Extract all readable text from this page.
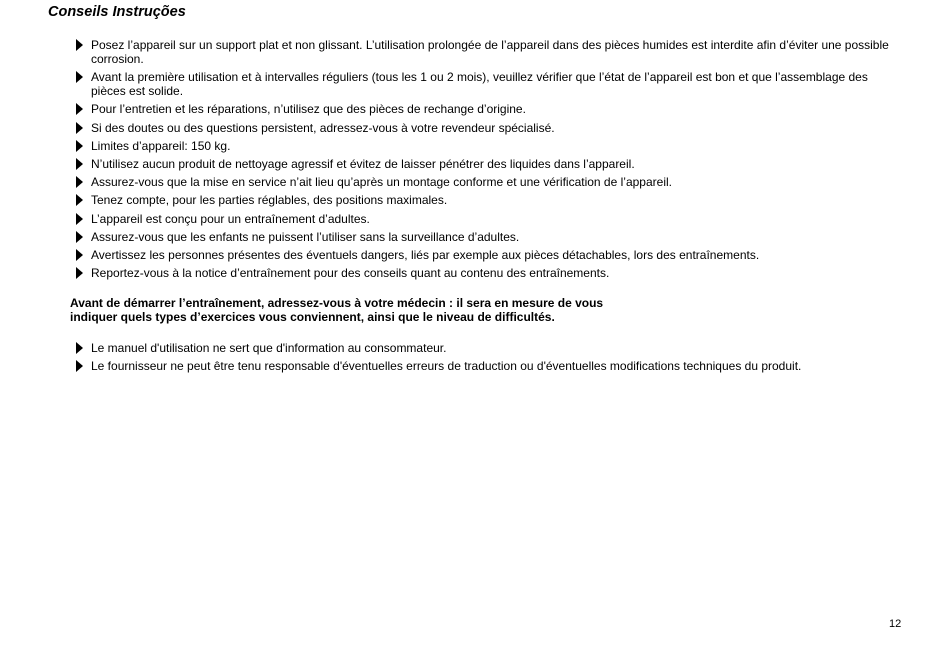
Conseils Instruções
Posez l’appareil sur un support plat et non glissant. L’utilisation prolongée de l’appareil dans des pièces humides est interdite afin d’éviter une possible corrosion.
Avant la première utilisation et à intervalles réguliers (tous les 1 ou 2 mois), veuillez vérifier que l’état de l’appareil est bon et que l’assemblage des pièces est solide.
Pour l’entretien et les réparations, n’utilisez que des pièces de rechange d’origine.
Si des doutes ou des questions persistent, adressez-vous à votre revendeur spécialisé.
Limites d’appareil: 150 kg.
N’utilisez aucun produit de nettoyage agressif et évitez de laisser pénétrer des liquides dans l’appareil.
Assurez-vous que la mise en service n’ait lieu qu’après un montage conforme et une vérification de l’appareil.
Tenez compte, pour les parties réglables, des positions maximales.
L’appareil est conçu pour un entraînement d’adultes.
Assurez-vous que les enfants ne puissent l’utiliser sans la surveillance d’adultes.
Avertissez les personnes présentes des éventuels dangers, liés par exemple aux pièces détachables, lors des entraînements.
Reportez-vous à la notice d’entraînement pour des conseils quant au contenu des entraînements.

Avant de démarrer l’entraînement, adressez-vous à votre médecin : il sera en mesure de vous
indiquer quels types d’exercices vous conviennent, ainsi que le niveau de difficultés.

Le manuel d'utilisation ne sert que d'information au consommateur.
Le fournisseur ne peut être tenu responsable d'éventuelles erreurs de traduction ou d'éventuelles modifications techniques du produit.

12
